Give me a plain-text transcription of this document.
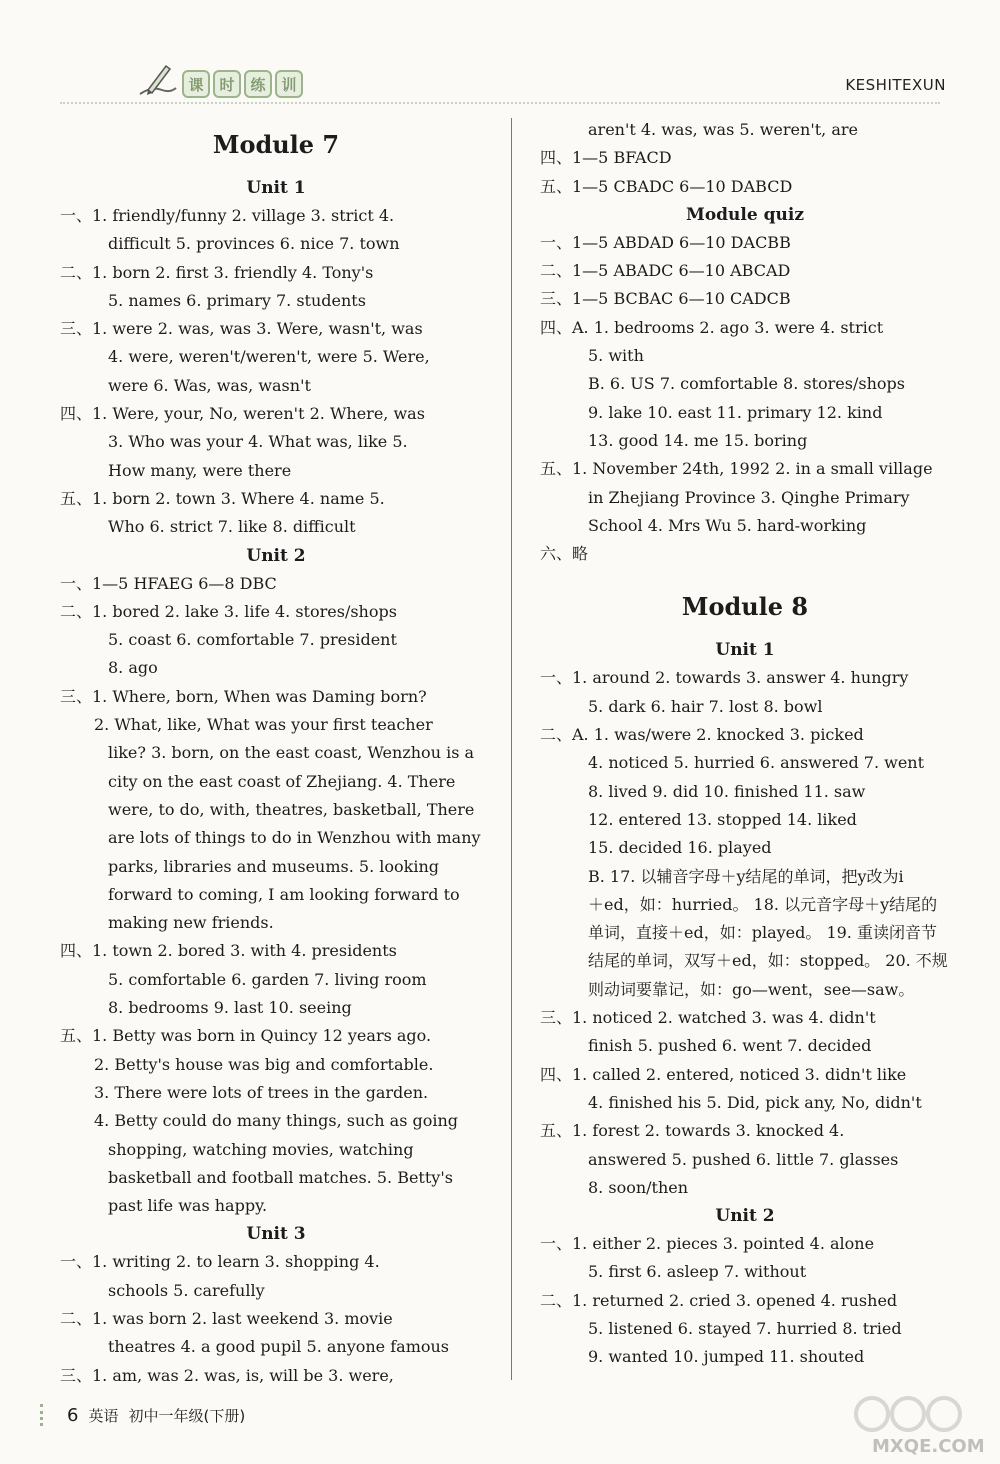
课	时	练	训	KESHITEXUN
Module 7
Unit 1
一、1. friendly/funny 2. village 3. strict 4.
difficult 5. provinces 6. nice 7. town
二、1. born 2. first 3. friendly 4. Tony's
5. names 6. primary 7. students
三、1. were 2. was, was 3. Were, wasn't, was
4. were, weren't/weren't, were 5. Were,
were 6. Was, was, wasn't
四、1. Were, your, No, weren't 2. Where, was
3. Who was your 4. What was, like 5.
How many, were there
五、1. born 2. town 3. Where 4. name 5.
Who 6. strict 7. like 8. difficult
Unit 2
一、1—5 HFAEG 6—8 DBC
二、1. bored 2. lake 3. life 4. stores/shops
5. coast 6. comfortable 7. president
8. ago
三、1. Where, born, When was Daming born?
2. What, like, What was your first teacher
like? 3. born, on the east coast, Wenzhou is a
city on the east coast of Zhejiang. 4. There
were, to do, with, theatres, basketball, There
are lots of things to do in Wenzhou with many
parks, libraries and museums. 5. looking
forward to coming, I am looking forward to
making new friends.
四、1. town 2. bored 3. with 4. presidents
5. comfortable 6. garden 7. living room
8. bedrooms 9. last 10. seeing
五、1. Betty was born in Quincy 12 years ago.
2. Betty's house was big and comfortable.
3. There were lots of trees in the garden.
4. Betty could do many things, such as going
shopping, watching movies, watching
basketball and football matches. 5. Betty's
past life was happy.
Unit 3
一、1. writing 2. to learn 3. shopping 4.
schools 5. carefully
二、1. was born 2. last weekend 3. movie
theatres 4. a good pupil 5. anyone famous
三、1. am, was 2. was, is, will be 3. were,
aren't 4. was, was 5. weren't, are
四、1—5 BFACD
五、1—5 CBADC 6—10 DABCD
Module quiz
一、1—5 ABDAD 6—10 DACBB
二、1—5 ABADC 6—10 ABCAD
三、1—5 BCBAC 6—10 CADCB
四、A. 1. bedrooms 2. ago 3. were 4. strict
5. with
B. 6. US 7. comfortable 8. stores/shops
9. lake 10. east 11. primary 12. kind
13. good 14. me 15. boring
五、1. November 24th, 1992 2. in a small village
in Zhejiang Province 3. Qinghe Primary
School 4. Mrs Wu 5. hard-working
六、略
Module 8
Unit 1
一、1. around 2. towards 3. answer 4. hungry
5. dark 6. hair 7. lost 8. bowl
二、A. 1. was/were 2. knocked 3. picked
4. noticed 5. hurried 6. answered 7. went
8. lived 9. did 10. finished 11. saw
12. entered 13. stopped 14. liked
15. decided 16. played
B. 17. 以辅音字母＋y结尾的单词，把y改为i
＋ed，如：hurried。 18. 以元音字母＋y结尾的
单词，直接＋ed，如：played。 19. 重读闭音节
结尾的单词，双写＋ed，如：stopped。 20. 不规
则动词要靠记，如：go—went，see—saw。
三、1. noticed 2. watched 3. was 4. didn't
finish 5. pushed 6. went 7. decided
四、1. called 2. entered, noticed 3. didn't like
4. finished his 5. Did, pick any, No, didn't
五、1. forest 2. towards 3. knocked 4.
answered 5. pushed 6. little 7. glasses
8. soon/then
Unit 2
一、1. either 2. pieces 3. pointed 4. alone
5. first 6. asleep 7. without
二、1. returned 2. cried 3. opened 4. rushed
5. listened 6. stayed 7. hurried 8. tried
9. wanted 10. jumped 11. shouted
6 英语 初中一年级(下册)
MXQE.COM
